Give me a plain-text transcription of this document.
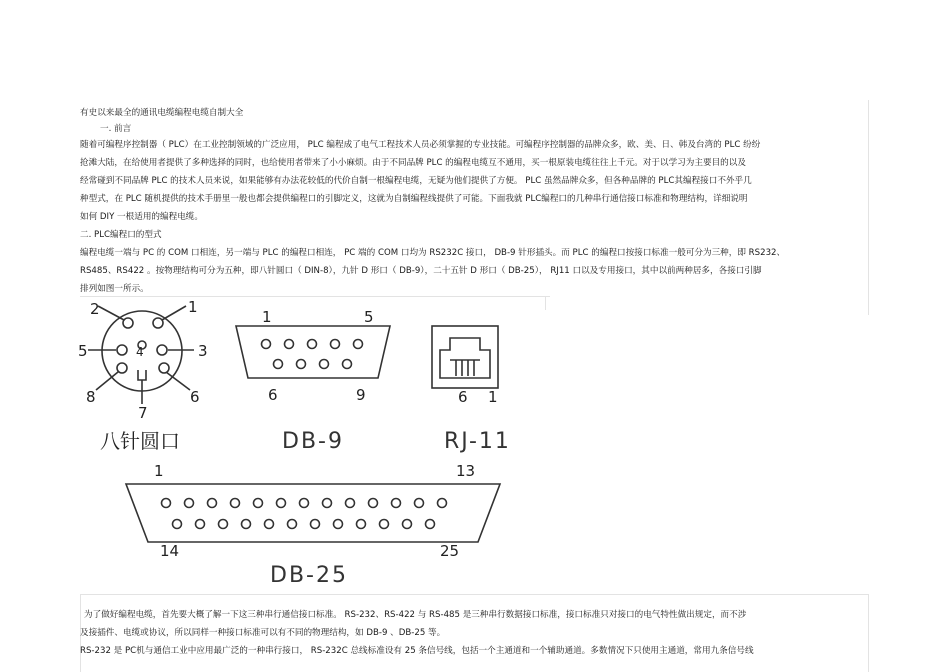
有史以来最全的通讯电缆编程电缆自制大全
一. 前言
随着可编程序控制器（ PLC）在工业控制领域的广泛应用， PLC 编程成了电气工程技术人员必须掌握的专业技能。可编程序控制器的品牌众多，欧、美、日、韩及台湾的 PLC 纷纷
抢滩大陆，在给使用者提供了多种选择的同时，也给使用者带来了小小麻烦。由于不同品牌 PLC 的编程电缆互不通用，买一根原装电缆往往上千元。对于以学习为主要目的以及
经常碰到不同品牌 PLC 的技术人员来说，如果能够有办法花较低的代价自制一根编程电缆，无疑为他们提供了方便。 PLC 虽然品牌众多，但各种品牌的 PLC其编程接口不外乎几
种型式，在 PLC 随机提供的技术手册里一般也都会提供编程口的引脚定义，这就为自制编程线提供了可能。下面我就 PLC编程口的几种串行通信接口标准和物理结构，详细说明
如何 DIY 一根适用的编程电缆。
二. PLC编程口的型式
编程电缆一端与 PC 的 COM 口相连，另一端与 PLC 的编程口相连， PC 端的 COM 口均为 RS232C 接口， DB-9 针形插头。而 PLC 的编程口按接口标准一般可分为三种，即 RS232、
RS485、RS422 。按物理结构可分为五种，即八针圆口（ DIN-8），九针 D 形口（ DB-9），二十五针 D 形口（ DB-25）， RJ11 口以及专用接口，其中以前两种居多，各接口引脚
排列如图一所示。
2	1
5	4	3
8	6
7
八针圆口
1	5
6	9
DB-9
6 1
RJ-11
1	13
14	25
DB-25
为了做好编程电缆，首先要大概了解一下这三种串行通信接口标准。 RS-232、RS-422 与 RS-485 是三种串行数据接口标准，接口标准只对接口的电气特性做出规定，而不涉
及接插件、电缆或协议，所以同样一种接口标准可以有不同的物理结构，如 DB-9 、DB-25 等。
RS-232 是 PC机与通信工业中应用最广泛的一种串行接口， RS-232C 总线标准设有 25 条信号线，包括一个主通道和一个辅助通道。多数情况下只使用主通道，常用九条信号线
